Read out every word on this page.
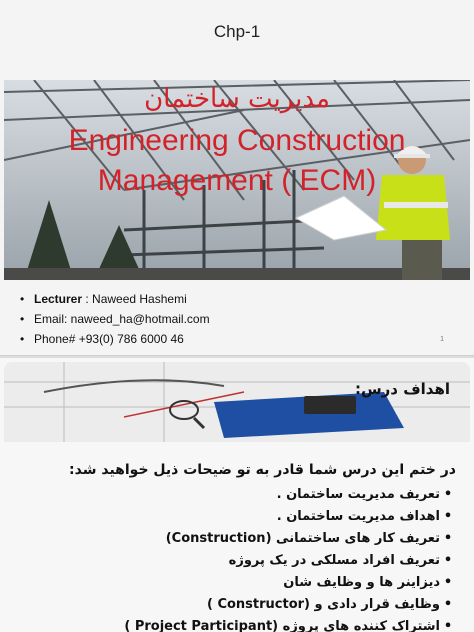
Chp-1
مدیریت ساختمان
Engineering Construction
Management ( ECM)
• Lecturer : Naweed Hashemi
• Email: naweed_ha@hotmail.com
• Phone# +93(0) 786 6000 46	1
اهداف درس:
در ختم این درس شما قادر به تو ضیحات ذیل خواهید شد:
• تعریف مدیریت ساختمان .
• اهداف مدیریت ساختمان .
• تعریف کار های ساختمانی (Construction)
• تعریف افراد مسلکی در یک پروژه
• دیزاینر ها و وظایف شان
• وظایف قرار دادی و (Constructor )
• اشتراک کننده های پروژه (Project Participant )
